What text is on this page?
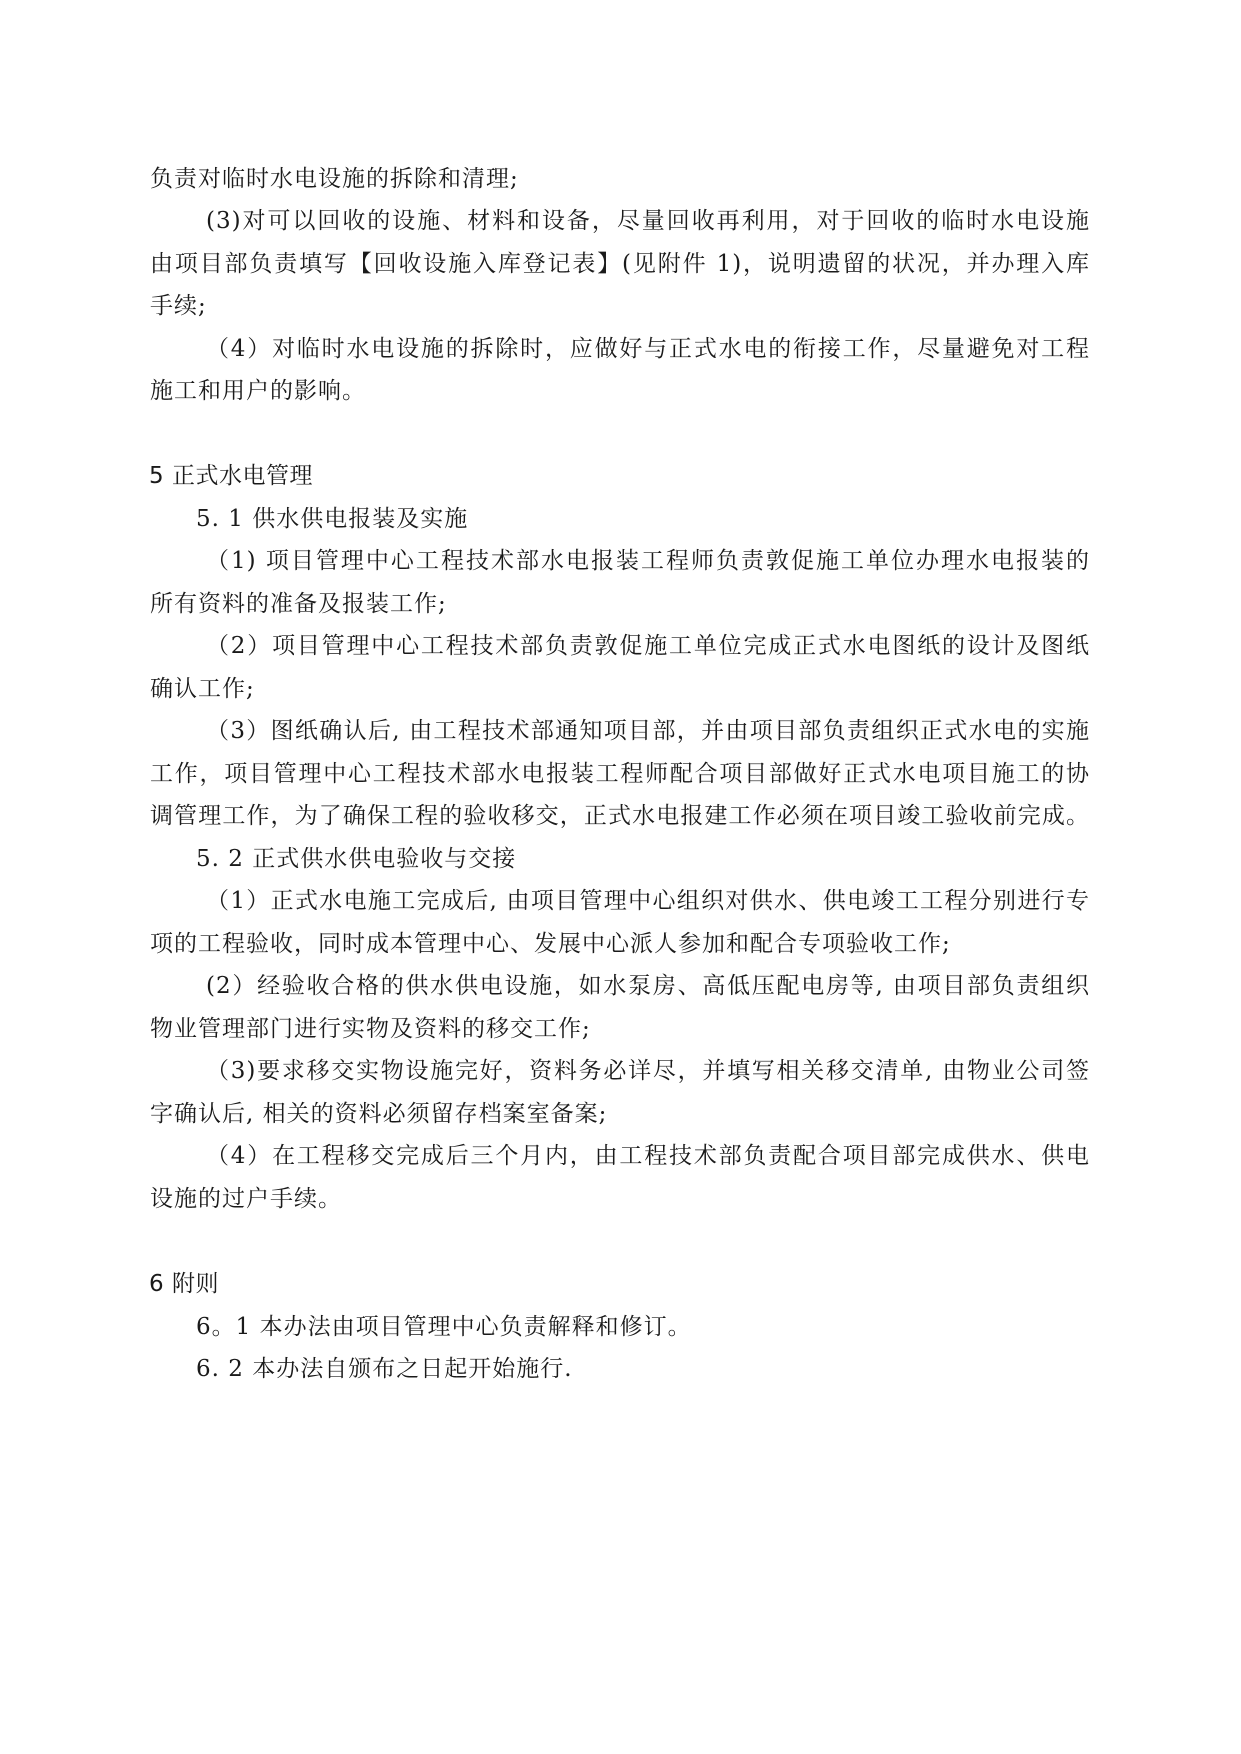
负责对临时水电设施的拆除和清理;
(3)对可以回收的设施、材料和设备，尽量回收再利用，对于回收的临时水电设施
由项目部负责填写【回收设施入库登记表】(见附件 1)，说明遗留的状况，并办理入库
手续;
（4）对临时水电设施的拆除时，应做好与正式水电的衔接工作，尽量避免对工程
施工和用户的影响。
5 正式水电管理
5. 1 供水供电报装及实施
（1) 项目管理中心工程技术部水电报装工程师负责敦促施工单位办理水电报装的
所有资料的准备及报装工作;
（2）项目管理中心工程技术部负责敦促施工单位完成正式水电图纸的设计及图纸
确认工作;
（3）图纸确认后, 由工程技术部通知项目部，并由项目部负责组织正式水电的实施
工作，项目管理中心工程技术部水电报装工程师配合项目部做好正式水电项目施工的协
调管理工作，为了确保工程的验收移交，正式水电报建工作必须在项目竣工验收前完成。
5. 2 正式供水供电验收与交接
（1）正式水电施工完成后, 由项目管理中心组织对供水、供电竣工工程分别进行专
项的工程验收，同时成本管理中心、发展中心派人参加和配合专项验收工作;
(2）经验收合格的供水供电设施，如水泵房、高低压配电房等, 由项目部负责组织
物业管理部门进行实物及资料的移交工作;
（3)要求移交实物设施完好，资料务必详尽，并填写相关移交清单, 由物业公司签
字确认后, 相关的资料必须留存档案室备案;
（4）在工程移交完成后三个月内，由工程技术部负责配合项目部完成供水、供电
设施的过户手续。
6 附则
6。1 本办法由项目管理中心负责解释和修订。
6. 2 本办法自颁布之日起开始施行.
